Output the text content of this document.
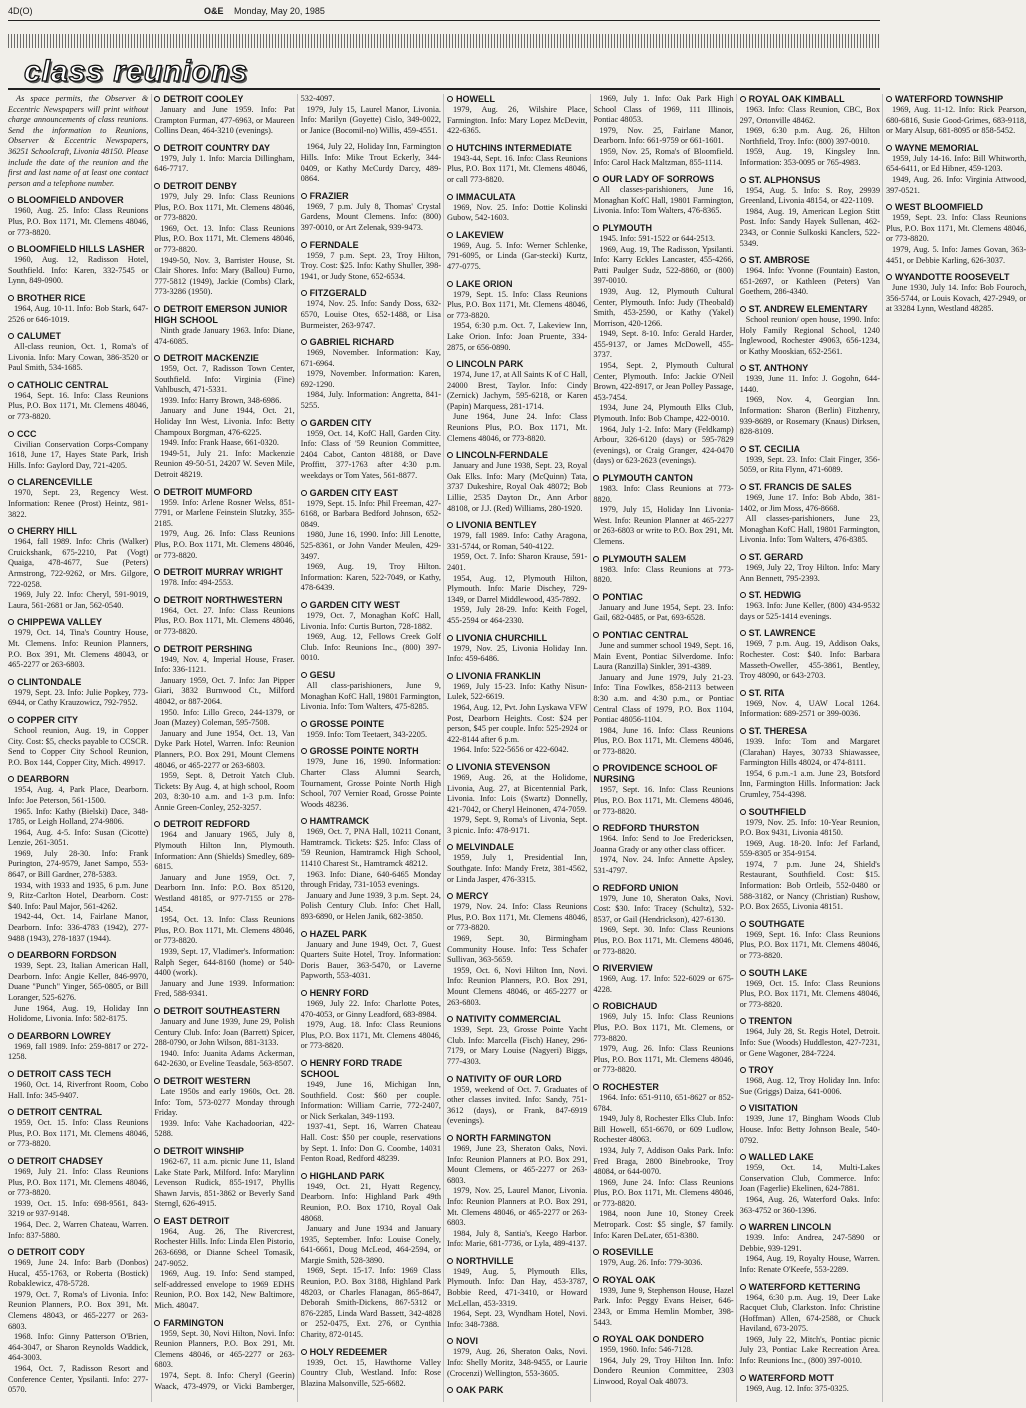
4D(O)	O&E Monday, May 20, 1985
class reunions

As space permits, the Observer & Eccentric Newspapers will print without charge announcements of class reunions. Send the information to Reunions, Observer & Eccentric Newspapers, 36251 Schoolcraft, Livonia 48150. Please include the date of the reunion and the first and last name of at least one contact person and a telephone number.

BLOOMFIELD ANDOVER

1960, Aug. 25. Info: Class Reunions Plus, P.O. Box 1171, Mt. Clemens 48046, or 773-8820.

BLOOMFIELD HILLS LASHER

1960, Aug. 12, Radisson Hotel, Southfield. Info: Karen, 332-7545 or Lynn, 849-0900.

BROTHER RICE

1964, Aug. 10-11. Info: Bob Stark, 647-2526 or 646-1019.

CALUMET

All-class reunion, Oct. 1, Roma's of Livonia. Info: Mary Cowan, 386-3520 or Paul Smith, 534-1685.

CATHOLIC CENTRAL

1964, Sept. 16. Info: Class Reunions Plus, P.O. Box 1171, Mt. Clemens 48046, or 773-8820.

CCC

Civilian Conservation Corps-Company 1618, June 17, Hayes State Park, Irish Hills. Info: Gaylord Day, 721-4205.

CLARENCEVILLE

1970, Sept. 23, Regency West. Information: Renee (Prost) Heintz, 981-3822.

CHERRY HILL

1964, fall 1989. Info: Chris (Walker) Cruickshank, 675-2210, Pat (Vogt) Quaiga, 478-4677, Sue (Peters) Armstrong, 722-9262, or Mrs. Gilgore, 722-0258.

1969, July 22. Info: Cheryl, 591-9019, Laura, 561-2681 or Jan, 562-0540.

CHIPPEWA VALLEY

1979, Oct. 14, Tina's Country House, Mt. Clemens. Info: Reunion Planners, P.O. Box 391, Mt. Clemens 48043, or 465-2277 or 263-6803.

CLINTONDALE

1979, Sept. 23. Info: Julie Popkey, 773-6944, or Cathy Krauzowicz, 792-7952.

COPPER CITY

School reunion, Aug. 19, in Copper City. Cost: $5, checks payable to CCSCR. Send to Copper City School Reunion, P.O. Box 144, Copper City, Mich. 49917.

DEARBORN

1954, Aug. 4, Park Place, Dearborn. Info: Joe Peterson, 561-1500.

1965. Info: Kathy (Bielski) Dace, 348-1785, or Leigh Holland, 274-9806.

1964, Aug. 4-5. Info: Susan (Cicotte) Lenzie, 261-3051.

1969, July 28-30. Info: Frank Purington, 274-9579, Janet Sampo, 553-8647, or Bill Gardner, 278-5383.

1934, with 1933 and 1935, 6 p.m. June 9, Ritz-Carlton Hotel, Dearborn. Cost: $40. Info: Paul Major, 561-4262.

1942-44, Oct. 14, Fairlane Manor, Dearborn. Info: 336-4783 (1942), 277-9488 (1943), 278-1837 (1944).

DEARBORN FORDSON

1939, Sept. 23, Italian American Hall, Dearborn. Info: Angie Keller, 846-9970, Duane "Punch" Yinger, 565-0805, or Bill Loranger, 525-6276.

June 1964, Aug. 19, Holiday Inn Holidome, Livonia. Info: 582-8175.

DEARBORN LOWREY

1969, fall 1989. Info: 259-8817 or 272-1258.

DETROIT CASS TECH

1960, Oct. 14, Riverfront Room, Cobo Hall. Info: 345-9407.

DETROIT CENTRAL

1959, Oct. 15. Info: Class Reunions Plus, P.O. Box 1171, Mt. Clemens 48046, or 773-8820.

DETROIT CHADSEY

1969, July 21. Info: Class Reunions Plus, P.O. Box 1171, Mt. Clemens 48046, or 773-8820.

1939, Oct. 15. Info: 698-9561, 843-3219 or 937-9148.

1964, Dec. 2, Warren Chateau, Warren. Info: 837-5880.

DETROIT CODY

1969, June 24. Info: Barb (Donbos) Hucal, 455-1763, or Roberta (Bostick) Robaklewicz, 478-5728.

1979, Oct. 7, Roma's of Livonia. Info: Reunion Planners, P.O. Box 391, Mt. Clemens 48043, or 465-2277 or 263-6803.

1968. Info: Ginny Patterson O'Brien, 464-3047, or Sharon Reynolds Waddick, 464-3003.

1964, Oct. 7, Radisson Resort and Conference Center, Ypsilanti. Info: 277-0570.

DETROIT COOLEY

January and June 1959. Info: Pat Crampton Furman, 477-6963, or Maureen Collins Dean, 464-3210 (evenings).

DETROIT COUNTRY DAY

1979, July 1. Info: Marcia Dillingham, 646-7717.

DETROIT DENBY

1979, July 29. Info: Class Reunions Plus, P.O. Box 1171, Mt. Clemens 48046, or 773-8820.

1969, Oct. 13. Info: Class Reunions Plus, P.O. Box 1171, Mt. Clemens 48046, or 773-8820.

1949-50, Nov. 3, Barrister House, St. Clair Shores. Info: Mary (Ballou) Furno, 777-5812 (1949), Jackie (Combs) Clark, 773-3286 (1950).

DETROIT EMERSON JUNIOR HIGH SCHOOL

Ninth grade January 1963. Info: Diane, 474-6085.

DETROIT MACKENZIE

1959, Oct. 7, Radisson Town Center, Southfield. Info: Virginia (Fine) Vahlbusch, 471-5331.

1939. Info: Harry Brown, 348-6986.

January and June 1944, Oct. 21, Holiday Inn West, Livonia. Info: Betty Champoux Borgman, 476-6225.

1949. Info: Frank Haase, 661-0320.

1949-51, July 21. Info: Mackenzie Reunion 49-50-51, 24207 W. Seven Mile, Detroit 48219.

DETROIT MUMFORD

1959. Info: Arlene Rosner Welss, 851-7791, or Marlene Feinstein Slutzky, 355-2185.

1979, Aug. 26. Info: Class Reunions Plus, P.O. Box 1171, Mt. Clemens 48046, or 773-8820.

DETROIT MURRAY WRIGHT

1978. Info: 494-2553.

DETROIT NORTHWESTERN

1964, Oct. 27. Info: Class Reunions Plus, P.O. Box 1171, Mt. Clemens 48046, or 773-8820.

DETROIT PERSHING

1949, Nov. 4, Imperial House, Fraser. Info: 336-1121.

January 1959, Oct. 7. Info: Jan Pipper Giari, 3832 Burnwood Ct., Milford 48042, or 887-2064.

1950. Info: Lillo Greco, 244-1379, or Joan (Mazey) Coleman, 595-7508.

January and June 1954, Oct. 13, Van Dyke Park Hotel, Warren. Info: Reunion Planners, P.O. Box 291, Mount Clemens 48046, or 465-2277 or 263-6803.

1959, Sept. 8, Detroit Yatch Club. Tickets: By Aug. 4, at high school, Room 203, 8:30-10 a.m. and 1-3 p.m. Info: Annie Green-Conley, 252-3257.

DETROIT REDFORD

1964 and January 1965, July 8, Plymouth Hilton Inn, Plymouth. Information: Ann (Shields) Smedley, 689-6815.

January and June 1959, Oct. 7, Dearborn Inn. Info: P.O. Box 85120, Westland 48185, or 977-7155 or 278-1454.

1954, Oct. 13. Info: Class Reunions Plus, P.O. Box 1171, Mt. Clemens 48046, or 773-8820.

1939, Sept. 17, Vladimer's. Information: Ralph Seger, 644-8160 (home) or 540-4400 (work).

January and June 1939. Information: Fred, 588-9341.

DETROIT SOUTHEASTERN

January and June 1939, June 29, Polish Century Club. Info: Joan (Barrett) Spicer, 288-0790, or John Wilson, 881-3133.

1940. Info: Juanita Adams Ackerman, 642-2630, or Eveline Teasdale, 563-8507.

DETROIT WESTERN

Late 1950s and early 1960s, Oct. 28. Info: Tom, 573-0277 Monday through Friday.

1939. Info: Vahe Kachadoorian, 422-5288.

DETROIT WINSHIP

1962-67, 11 a.m. picnic June 11, Island Lake State Park, Milford. Info: Marylinn Levenson Rudick, 855-1917, Phyllis Shawn Jarvis, 851-3862 or Beverly Sand Sterngl, 626-4915.

EAST DETROIT

1964, Aug. 26, The Rivercrest, Rochester Hills. Info: Linda Elen Pistorio, 263-6698, or Dianne Scheel Tomasik, 247-9052.

1969, Aug. 19. Info: Send stamped, self-addressed envelope to 1969 EDHS Reunion, P.O. Box 142, New Baltimore, Mich. 48047.

FARMINGTON

1959, Sept. 30, Novi Hilton, Novi. Info: Reunion Planners, P.O. Box 291, Mt. Clemens 48046, or 465-2277 or 263-6803.

1974, Sept. 8. Info: Cheryl (Geerin) Waack, 473-4979, or Vicki Bamberger, 532-4097.

1979, July 15, Laurel Manor, Livonia. Info: Marilyn (Goyette) Cislo, 349-0022, or Janice (Bocomil-no) Willis, 459-4551.

1964, July 22, Holiday Inn, Farmington Hills. Info: Mike Trout Eckerly, 344-0409, or Kathy McCurdy Darcy, 489-0864.

FRAZIER

1969, 7 p.m. July 8, Thomas' Crystal Gardens, Mount Clemens. Info: (800) 397-0010, or Art Zelenak, 939-9473.

FERNDALE

1959, 7 p.m. Sept. 23, Troy Hilton, Troy. Cost: $25. Info: Kathy Shuller, 398-1941, or Judy Stone, 652-6534.

FITZGERALD

1974, Nov. 25. Info: Sandy Doss, 632-6570, Louise Otes, 652-1488, or Lisa Burmeister, 263-9747.

GABRIEL RICHARD

1969, November. Information: Kay, 671-6964.

1979, November. Information: Karen, 692-1290.

1984, July. Information: Angretta, 841-5255.

GARDEN CITY

1959, Oct. 14, KofC Hall, Garden City. Info: Class of '59 Reunion Committee, 2404 Cabot, Canton 48188, or Dave Proffitt, 377-1763 after 4:30 p.m. weekdays or Tom Yates, 561-8877.

GARDEN CITY EAST

1979, Sept. 15. Info: Phil Freeman, 427-6168, or Barbara Bedford Johnson, 652-0849.

1980, June 16, 1990. Info: Jill Lenotte, 525-8361, or John Vander Meulen, 429-3497.

1969, Aug. 19, Troy Hilton. Information: Karen, 522-7049, or Kathy, 478-6439.

GARDEN CITY WEST

1979, Oct. 7, Monaghan KofC Hall, Livonia. Info: Curtis Burton, 728-1882.

1969, Aug. 12, Fellows Creek Golf Club. Info: Reunions Inc., (800) 397-0010.

GESU

All class-parishioners, June 9, Monaghan KofC Hall, 19801 Farmington, Livonia. Info: Tom Walters, 475-8285.

GROSSE POINTE

1959. Info: Tom Teetaert, 343-2205.

GROSSE POINTE NORTH

1979, June 16, 1990. Information: Charter Class Alumni Search, Tournament, Grosse Pointe North High School, 707 Vernier Road, Grosse Pointe Woods 48236.

HAMTRAMCK

1969, Oct. 7, PNA Hall, 10211 Conant, Hamtramck. Tickets: $25. Info: Class of '59 Reunion, Hamtramck High School, 11410 Charest St., Hamtramck 48212.

1963. Info: Diane, 640-6465 Monday through Friday, 731-1053 evenings.

January and June 1939, 3 p.m. Sept. 24, Polish Century Club. Info: Chet Hall, 893-6890, or Helen Janik, 682-3850.

HAZEL PARK

January and June 1949, Oct. 7, Guest Quarters Suite Hotel, Troy. Information: Doris Bauer, 363-5470, or Laverne Papworth, 553-4031.

HENRY FORD

1969, July 22. Info: Charlotte Potes, 470-4053, or Ginny Leadford, 683-8984.

1979, Aug. 18. Info: Class Reunions Plus, P.O. Box 1171, Mt. Clemens 48046, or 773-8820.

HENRY FORD TRADE SCHOOL

1949, June 16, Michigan Inn, Southfield. Cost: $60 per couple. Information: William Carrie, 772-2407, or Nick Serkalan, 349-1193.

1937-41, Sept. 16, Warren Chateau Hall. Cost: $50 per couple, reservations by Sept. 1. Info: Don G. Coombe, 14031 Fenton Road, Redford 48239.

HIGHLAND PARK

1949, Oct. 21, Hyatt Regency, Dearborn. Info: Highland Park 49th Reunion, P.O. Box 1710, Royal Oak 48068.

January and June 1934 and January 1935, September. Info: Louise Conely, 641-6661, Doug McLeod, 464-2594, or Margie Smith, 528-3890.

1969, Sept. 15-17. Info: 1969 Class Reunion, P.O. Box 3188, Highland Park 48203, or Charles Flanagan, 865-8647, Deborah Smith-Dickens, 867-5312 or 876-2285, Linda Ward Bassett, 342-4828 or 252-0475, Ext. 276, or Cynthia Charity, 872-0145.

HOLY REDEEMER

1939, Oct. 15, Hawthorne Valley Country Club, Westland. Info: Rose Blazina Malsonville, 525-6682.

HOWELL

1979, Aug. 26, Wilshire Place, Farmington. Info: Mary Lopez McDevitt, 422-6365.

HUTCHINS INTERMEDIATE

1943-44, Sept. 16. Info: Class Reunions Plus, P.O. Box 1171, Mt. Clemens 48046, or call 773-8820.

IMMACULATA

1969, Nov. 25. Info: Dottie Kolinski Gubow, 542-1603.

LAKEVIEW

1969, Aug. 5. Info: Werner Schlenke, 791-6095, or Linda (Gar-stecki) Kurtz, 477-0775.

LAKE ORION

1979, Sept. 15. Info: Class Reunions Plus, P.O. Box 1171, Mt. Clemens 48046, or 773-8820.

1954, 6:30 p.m. Oct. 7, Lakeview Inn, Lake Orion. Info: Joan Pruente, 334-2875, or 656-0890.

LINCOLN PARK

1974, June 17, at All Saints K of C Hall, 24000 Brest, Taylor. Info: Cindy (Zernick) Jachym, 595-6218, or Karen (Papin) Marquess, 281-1714.

June 1964, June 24. Info: Class Reunions Plus, P.O. Box 1171, Mt. Clemens 48046, or 773-8820.

LINCOLN-FERNDALE

January and June 1938, Sept. 23, Royal Oak Elks. Info: Mary (McQuinn) Tata, 3737 Dukeshire, Royal Oak 48072; Bob Lillie, 2535 Dayton Dr., Ann Arbor 48108, or J.J. (Red) Williams, 280-1920.

LIVONIA BENTLEY

1979, fall 1989. Info: Cathy Aragona, 331-5744, or Roman, 540-4122.

1959, Oct. 7. Info: Sharon Krause, 591-2401.

1954, Aug. 12, Plymouth Hilton, Plymouth. Info: Marie Dischey, 729-1349, or Darrel Middlewood, 435-7892.

1959, July 28-29. Info: Keith Fogel, 455-2594 or 464-2330.

LIVONIA CHURCHILL

1979, Nov. 25, Livonia Holiday Inn. Info: 459-6486.

LIVONIA FRANKLIN

1969, July 15-23. Info: Kathy Nisun-Lulek, 522-6619.

1964, Aug. 12, Pvt. John Lyskawa VFW Post, Dearborn Heights. Cost: $24 per person, $45 per couple. Info: 525-2924 or 422-8144 after 6 p.m.

1964. Info: 522-5656 or 422-6042.

LIVONIA STEVENSON

1969, Aug. 26, at the Holidome, Livonia, Aug. 27, at Bicentennial Park, Livonia. Info: Lois (Swartz) Donnelly, 421-7042, or Cheryl Heinonen, 474-7059.

1979, Sept. 9, Roma's of Livonia, Sept. 3 picnic. Info: 478-9171.

MELVINDALE

1959, July 1, Presidential Inn, Southgate. Info: Mandy Fretz, 381-4562, or Linda Jasper, 476-3315.

MERCY

1979, Nov. 24. Info: Class Reunions Plus, P.O. Box 1171, Mt. Clemens 48046, or 773-8820.

1969, Sept. 30, Birmingham Community House. Info: Tess Schafer Sullivan, 363-5659.

1959, Oct. 6, Novi Hilton Inn, Novi. Info: Reunion Planners, P.O. Box 291, Mount Clemens 48046, or 465-2277 or 263-6803.

NATIVITY COMMERCIAL

1939, Sept. 23, Grosse Pointe Yacht Club. Info: Marcella (Fisch) Haney, 296-7179, or Mary Louise (Nagyeri) Biggs, 777-4303.

NATIVITY OF OUR LORD

1959, weekend of Oct. 7. Graduates of other classes invited. Info: Sandy, 751-3612 (days), or Frank, 847-6919 (evenings).

NORTH FARMINGTON

1969, June 23, Sheraton Oaks, Novi. Info: Reunion Planners at P.O. Box 291, Mount Clemens, or 465-2277 or 263-6803.

1979, Nov. 25, Laurel Manor, Livonia. Info: Reunion Planners at P.O. Box 291, Mt. Clemens 48046, or 465-2277 or 263-6803.

1984, July 8, Santia's, Keego Harbor. Info: Marie, 681-7736, or Lyla, 489-4137.

NORTHVILLE

1949, Aug. 5, Plymouth Elks, Plymouth. Info: Dan Hay, 453-3787, Bobbie Reed, 471-3410, or Howard McLellan, 453-3319.

1964, Sept. 23, Wyndham Hotel, Novi. Info: 348-7388.

NOVI

1979, Aug. 26, Sheraton Oaks, Novi. Info: Shelly Moritz, 348-9455, or Laurie (Crocenzi) Wellington, 553-3605.

OAK PARK

1969, July 1. Info: Oak Park High School Class of 1969, 111 Illinois, Pontiac 48053.

1979, Nov. 25, Fairlane Manor, Dearborn. Info: 661-9759 or 661-1601.

1959, Nov. 25, Roma's of Bloomfield. Info: Carol Hack Maltzman, 855-1114.

OUR LADY OF SORROWS

All classes-parishioners, June 16, Monaghan KofC Hall, 19801 Farmington, Livonia. Info: Tom Walters, 476-8365.

PLYMOUTH

1945. Info: 591-1522 or 644-2513.

1969, Aug. 19, The Radisson, Ypsilanti. Info: Karry Eckles Lancaster, 455-4266, Patti Paulger Sudz, 522-8860, or (800) 397-0010.

1939, Aug. 12, Plymouth Cultural Center, Plymouth. Info: Judy (Theobald) Smith, 453-2590, or Kathy (Yakel) Morrison, 420-1266.

1949, Sept. 8-10. Info: Gerald Harder, 455-9137, or James McDowell, 455-3737.

1954, Sept. 2, Plymouth Cultural Center, Plymouth. Info: Jackie O'Neil Brown, 422-8917, or Jean Polley Passage, 453-7454.

1934, June 24, Plymouth Elks Club, Plymouth. Info: Bob Champe, 422-0010.

1964, July 1-2. Info: Mary (Feldkamp) Arbour, 326-6120 (days) or 595-7829 (evenings), or Craig Granger, 424-0470 (days) or 623-2623 (evenings).

PLYMOUTH CANTON

1983. Info: Class Reunions at 773-8820.

1979, July 15, Holiday Inn Livonia-West. Info: Reunion Planner at 465-2277 or 263-6803 or write to P.O. Box 291, Mt. Clemens.

PLYMOUTH SALEM

1983. Info: Class Reunions at 773-8820.

PONTIAC

January and June 1954, Sept. 23. Info: Gail, 682-0485, or Pat, 693-6528.

PONTIAC CENTRAL

June and summer school 1949, Sept. 16, Main Event, Pontiac Silverdome. Info: Laura (Ranzilla) Sinkler, 391-4389.

January and June 1979, July 21-23. Info: Tina Fowlkes, 858-2113 between 8:30 a.m. and 4:30 p.m., or Pontiac Central Class of 1979, P.O. Box 1104, Pontiac 48056-1104.

1984, June 16. Info: Class Reunions Plus, P.O. Box 1171, Mt. Clemens 48046, or 773-8820.

PROVIDENCE SCHOOL OF NURSING

1957, Sept. 16. Info: Class Reunions Plus, P.O. Box 1171, Mt. Clemens 48046, or 773-8820.

REDFORD THURSTON

1964. Info: Send to Joe Fredericksen, Joanna Grady or any other class officer.

1974, Nov. 24. Info: Annette Apsley, 531-4797.

REDFORD UNION

1979, June 10, Sheraton Oaks, Novi. Cost: $30. Info: Tracey (Schultz), 532-8537, or Gail (Hendrickson), 427-6130.

1969, Sept. 30. Info: Class Reunions Plus, P.O. Box 1171, Mt. Clemens 48046, or 773-8820.

RIVERVIEW

1969, Aug. 17. Info: 522-6029 or 675-4228.

ROBICHAUD

1969, July 15. Info: Class Reunions Plus, P.O. Box 1171, Mt. Clemens, or 773-8820.

1979, Aug. 26. Info: Class Reunions Plus, P.O. Box 1171, Mt. Clemens 48046, or 773-8820.

ROCHESTER

1964. Info: 651-9110, 651-8627 or 852-6784.

1949, July 8, Rochester Elks Club. Info: Bill Howell, 651-6670, or 609 Ludlow, Rochester 48063.

1934, July 7, Addison Oaks Park. Info: Fred Braga, 2800 Binebrooke, Troy 48084, or 644-0070.

1969, June 24. Info: Class Reunions Plus, P.O. Box 1171, Mt. Clemens 48046, or 773-8820.

1984, noon June 10, Stoney Creek Metropark. Cost: $5 single, $7 family. Info: Karen DeLater, 651-8380.

ROSEVILLE

1979, Aug. 26. Info: 779-3036.

ROYAL OAK

1939, June 9, Stephenson House, Hazel Park. Info: Peggy Evans Heiser, 646-2343, or Emma Hemlin Momber, 398-5443.

ROYAL OAK DONDERO

1959, 1960. Info: 546-7128.

1964, July 29, Troy Hilton Inn. Info: Dondero Reunion Committee, 2303 Linwood, Royal Oak 48073.

ROYAL OAK KIMBALL

1963. Info: Class Reunion, CBC, Box 297, Ortonville 48462.

1969, 6:30 p.m. Aug. 26, Hilton Northfield, Troy. Info: (800) 397-0010.

1959, Aug. 19, Kingsley Inn. Information: 353-0095 or 765-4983.

ST. ALPHONSUS

1954, Aug. 5. Info: S. Roy, 29939 Greenland, Livonia 48154, or 422-1109.

1984, Aug. 19, American Legion Stitt Post. Info: Sandy Hayek Sullenan, 462-2343, or Connie Sulkoski Kanclers, 522-5349.

ST. AMBROSE

1964. Info: Yvonne (Fountain) Easton, 651-2697, or Kathleen (Peters) Van Goethem, 286-4340.

ST. ANDREW ELEMENTARY

School reunion/ open house, 1990. Info: Holy Family Regional School, 1240 Inglewood, Rochester 49063, 656-1234, or Kathy Mooskian, 652-2561.

ST. ANTHONY

1939, June 11. Info: J. Gogohn, 644-1440.

1969, Nov. 4, Georgian Inn. Information: Sharon (Berlin) Fitzhenry, 939-8689, or Rosemary (Knaus) Dirksen, 828-8109.

ST. CECILIA

1939, Sept. 23. Info: Clait Finger, 356-5059, or Rita Flynn, 471-6089.

ST. FRANCIS DE SALES

1969, June 17. Info: Bob Abdo, 381-1402, or Jim Moss, 476-8668.

All classes-parishioners, June 23, Monaghan KofC Hall, 19801 Farmington, Livonia. Info: Tom Walters, 476-8385.

ST. GERARD

1969, July 22, Troy Hilton. Info: Mary Ann Bennett, 795-2393.

ST. HEDWIG

1963. Info: June Keller, (800) 434-9532 days or 525-1414 evenings.

ST. LAWRENCE

1969, 7 p.m. Aug. 19, Addison Oaks, Rochester. Cost: $40. Info: Barbara Masseth-Oweller, 455-3861, Bentley, Troy 48090, or 643-2703.

ST. RITA

1969, Nov. 4, UAW Local 1264. Information: 689-2571 or 399-0036.

ST. THERESA

1939. Info: Tom and Margaret (Clarahan) Hayes, 30733 Shiawassee, Farmington Hills 48024, or 474-8111.

1954, 6 p.m.-1 a.m. June 23, Botsford Inn, Farmington Hills. Information: Jack Crumley, 754-4398.

SOUTHFIELD

1979, Nov. 25. Info: 10-Year Reunion, P.O. Box 9431, Livonia 48150.

1969, Aug. 18-20. Info: Jef Farland, 559-8305 or 354-9154.

1974, 7 p.m. June 24, Shield's Restaurant, Southfield. Cost: $15. Information: Bob Ortleib, 552-0480 or 588-3182, or Nancy (Christian) Rushow, P.O. Box 2655, Livonia 48151.

SOUTHGATE

1969, Sept. 16. Info: Class Reunions Plus, P.O. Box 1171, Mt. Clemens 48046, or 773-8820.

SOUTH LAKE

1969, Oct. 15. Info: Class Reunions Plus, P.O. Box 1171, Mt. Clemens 48046, or 773-8820.

TRENTON

1964, July 28, St. Regis Hotel, Detroit. Info: Sue (Woods) Huddleston, 427-7231, or Gene Wagoner, 284-7224.

TROY

1968, Aug. 12, Troy Holiday Inn. Info: Sue (Griggs) Daiza, 641-0006.

VISITATION

1939, June 17, Bingham Woods Club House. Info: Betty Johnson Beale, 540-0792.

WALLED LAKE

1959, Oct. 14, Multi-Lakes Conservation Club, Commerce. Info: Joan (Fagerlie) Ekelinen, 624-7881.

1964, Aug. 26, Waterford Oaks. Info: 363-4752 or 360-1396.

WARREN LINCOLN

1939. Info: Andrea, 247-5890 or Debbie, 939-1291.

1964, Aug. 19, Royalty House, Warren. Info: Renate O'Keefe, 553-2289.

WATERFORD KETTERING

1964, 6:30 p.m. Aug. 19, Deer Lake Racquet Club, Clarkston. Info: Christine (Hoffman) Allen, 674-2588, or Chuck Haviland, 673-2075.

1969, July 22, Mitch's, Pontiac picnic July 23, Pontiac Lake Recreation Area. Info: Reunions Inc., (800) 397-0010.

WATERFORD MOTT

1969, Aug. 12. Info: 375-0325.

WATERFORD TOWNSHIP

1969, Aug. 11-12. Info: Rick Pearson, 680-6816, Susie Good-Grimes, 683-9118, or Mary Alsup, 681-8095 or 858-5452.

WAYNE MEMORIAL

1959, July 14-16. Info: Bill Whitworth, 654-6411, or Ed Hibner, 459-1203.

1949, Aug. 26. Info: Virginia Attwood, 397-0521.

WEST BLOOMFIELD

1959, Sept. 23. Info: Class Reunions Plus, P.O. Box 1171, Mt. Clemens 48046, or 773-8820.

1979, Aug. 5. Info: James Govan, 363-4451, or Debbie Karling, 626-3037.

WYANDOTTE ROOSEVELT

June 1930, July 14. Info: Bob Fouroch, 356-5744, or Louis Kovach, 427-2949, or at 33284 Lynn, Westland 48285.
